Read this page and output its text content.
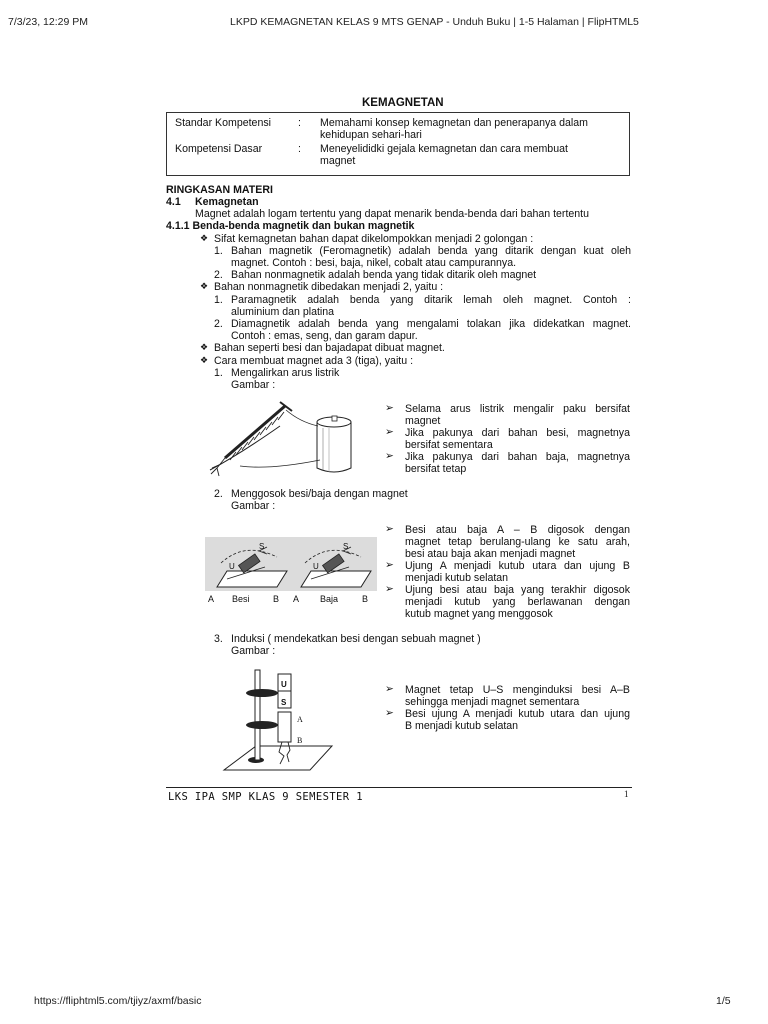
7/3/23, 12:29 PM	LKPD KEMAGNETAN KELAS 9 MTS GENAP - Unduh Buku | 1-5 Halaman | FlipHTML5
KEMAGNETAN
Standar Kompetensi	: Memahami konsep kemagnetan dan penerapanya dalam
kehidupan sehari-hari
Kompetensi Dasar	: Meneyelididki gejala kemagnetan dan cara membuat
magnet
RINGKASAN MATERI
4.1 Kemagnetan
Magnet adalah logam tertentu yang dapat menarik benda-benda dari bahan tertentu
4.1.1 Benda-benda magnetik dan bukan magnetik
❖ Sifat kemagnetan bahan dapat dikelompokkan menjadi 2 golongan :
1. Bahan magnetik (Feromagnetik) adalah benda yang ditarik dengan kuat oleh
magnet. Contoh : besi, baja, nikel, cobalt atau campurannya.
2. Bahan nonmagnetik adalah benda yang tidak ditarik oleh magnet
❖ Bahan nonmagnetik dibedakan menjadi 2, yaitu :
1. Paramagnetik adalah benda yang ditarik lemah oleh magnet. Contoh :
aluminium dan platina
2. Diamagnetik adalah benda yang mengalami tolakan jika didekatkan magnet.
Contoh : emas, seng, dan garam dapur.
❖ Bahan seperti besi dan bajadapat dibuat magnet.
❖ Cara membuat magnet ada 3 (tiga), yaitu :
1. Mengalirkan arus listrik
Gambar :
➢ Selama arus listrik mengalir paku bersifat
magnet
➢ Jika pakunya dari bahan besi, magnetnya
bersifat sementara
➢ Jika pakunya dari bahan baja, magnetnya
bersifat tetap
2. Menggosok besi/baja dengan magnet
Gambar :
S
U
S
U
A Besi	B A Baja	B
➢ Besi atau baja A – B digosok dengan
magnet tetap berulang-ulang ke satu arah,
besi atau baja akan menjadi magnet
➢ Ujung A menjadi kutub utara dan ujung B
menjadi kutub selatan
➢ Ujung besi atau baja yang terakhir digosok
menjadi kutub yang berlawanan dengan
kutub magnet yang menggosok
3. Induksi ( mendekatkan besi dengan sebuah magnet )
Gambar :
U
S
A
B
➢ Magnet tetap U–S menginduksi besi A–B
sehingga menjadi magnet sementara
➢ Besi ujung A menjadi kutub utara dan ujung
B menjadi kutub selatan
LKS IPA SMP KLAS 9 SEMESTER 1	1
https://fliphtml5.com/tjiyz/axmf/basic	1/5
